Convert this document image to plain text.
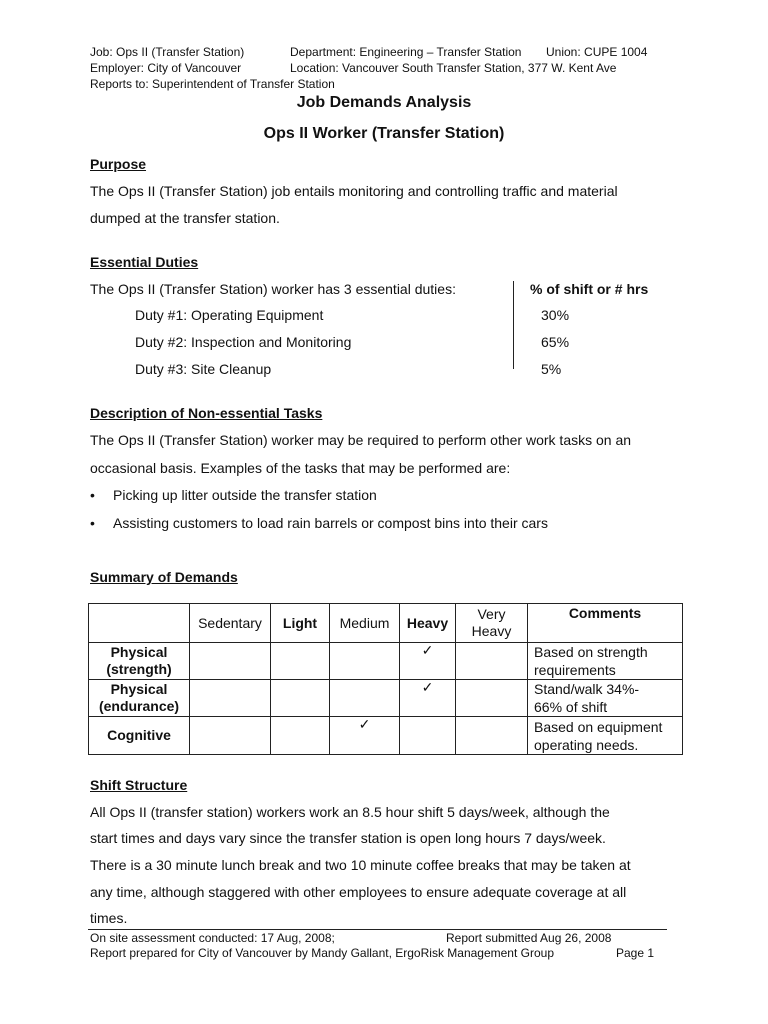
Job: Ops II (Transfer Station)	Department: Engineering – Transfer Station Union: CUPE 1004
Employer: City of Vancouver	Location: Vancouver South Transfer Station, 377 W. Kent Ave
Reports to: Superintendent of Transfer Station
Job Demands Analysis
Ops II Worker (Transfer Station)
Purpose
The Ops II (Transfer Station) job entails monitoring and controlling traffic and material
dumped at the transfer station.
Essential Duties
The Ops II (Transfer Station) worker has 3 essential duties:	% of shift or # hrs
Duty #1: Operating Equipment	30%
Duty #2: Inspection and Monitoring	65%
Duty #3: Site Cleanup	5%
Description of Non-essential Tasks
The Ops II (Transfer Station) worker may be required to perform other work tasks on an
occasional basis. Examples of the tasks that may be performed are:
• Picking up litter outside the transfer station
• Assisting customers to load rain barrels or compost bins into their cars
Summary of Demands
	Sedentary	Light	Medium	Heavy	Very
Heavy	Comments
Physical
(strength)				✓		Based on strength
requirements
Physical
(endurance)				✓		Stand/walk 34%-
66% of shift
Cognitive			✓			Based on equipment
operating needs.
Shift Structure
All Ops II (transfer station) workers work an 8.5 hour shift 5 days/week, although the
start times and days vary since the transfer station is open long hours 7 days/week.
There is a 30 minute lunch break and two 10 minute coffee breaks that may be taken at
any time, although staggered with other employees to ensure adequate coverage at all
times.
On site assessment conducted: 17 Aug, 2008;	Report submitted Aug 26, 2008
Report prepared for City of Vancouver by Mandy Gallant, ErgoRisk Management Group	Page 1
